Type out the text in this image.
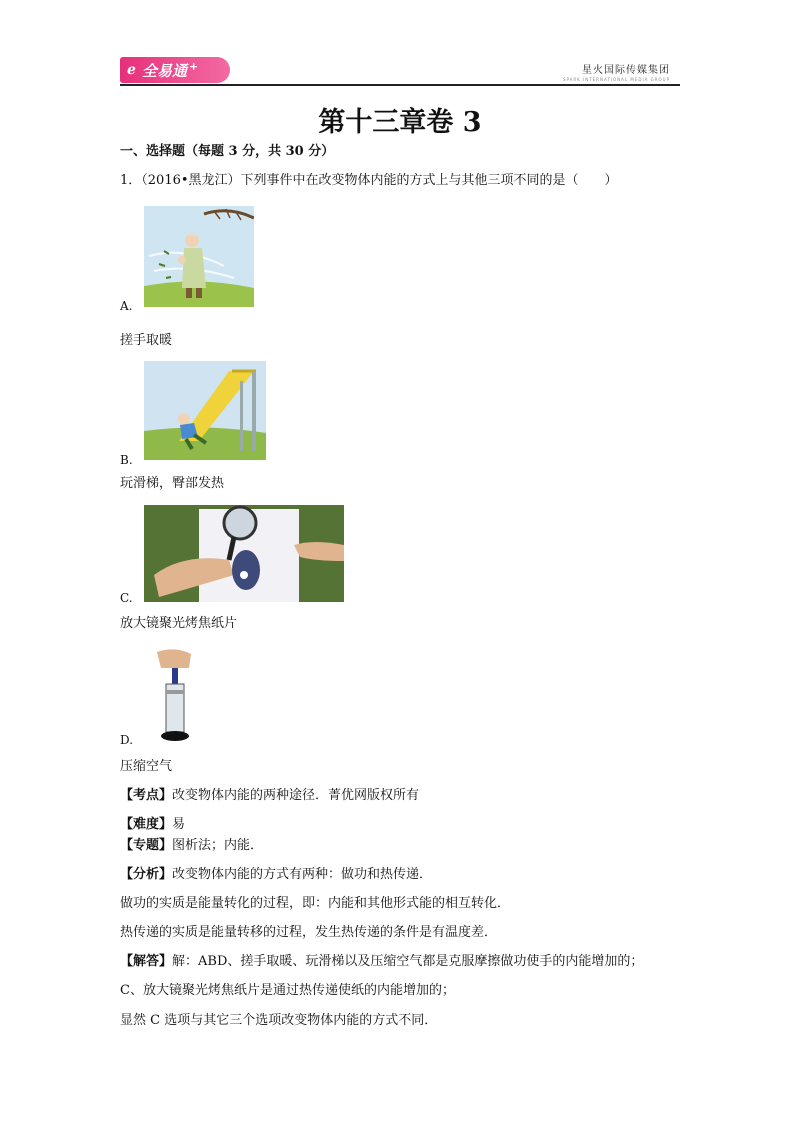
ℯ 全易通 +	星火国际传媒集团
SPARK INTERNATIONAL MEDIA GROUP
第十三章卷 3
一、选择题（每题 3 分，共 30 分）
1．（2016•黑龙江）下列事件中在改变物体内能的方式上与其他三项不同的是（　　）
A.
搓手取暖
B.
玩滑梯，臀部发热
C.
放大镜聚光烤焦纸片
D.
压缩空气
【考点】改变物体内能的两种途径．菁优网版权所有
【难度】易
【专题】图析法；内能．
【分析】改变物体内能的方式有两种：做功和热传递．
做功的实质是能量转化的过程，即：内能和其他形式能的相互转化．
热传递的实质是能量转移的过程，发生热传递的条件是有温度差．
【解答】解：ABD、搓手取暖、玩滑梯以及压缩空气都是克服摩擦做功使手的内能增加的；
C、放大镜聚光烤焦纸片是通过热传递使纸的内能增加的；
显然 C 选项与其它三个选项改变物体内能的方式不同．
